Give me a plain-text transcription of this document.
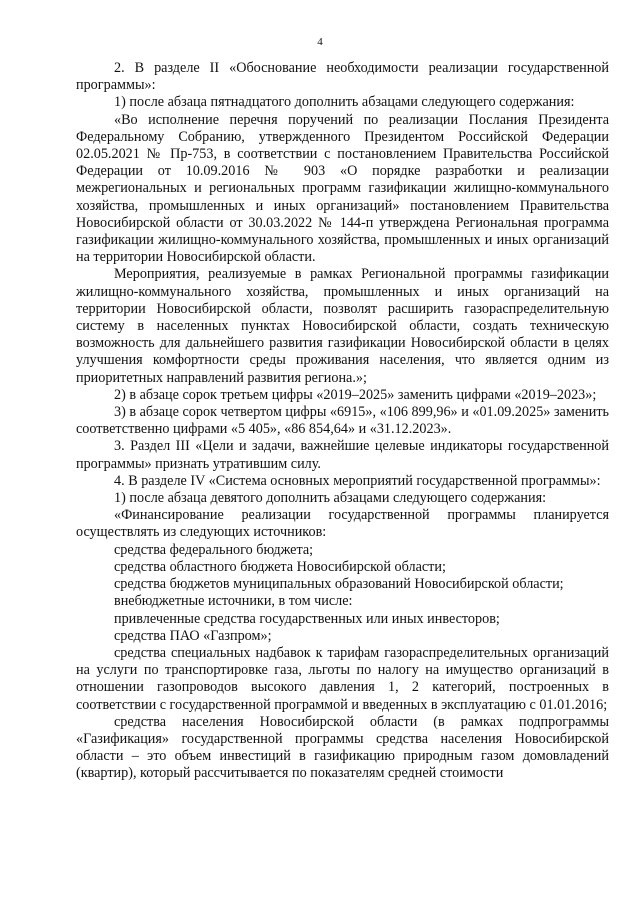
4

2. В разделе II «Обоснование необходимости реализации государственной программы»:

1) после абзаца пятнадцатого дополнить абзацами следующего содержания:

«Во исполнение перечня поручений по реализации Послания Президента Федеральному Собранию, утвержденного Президентом Российской Федерации 02.05.2021 № Пр-753, в соответствии с постановлением Правительства Российской Федерации от 10.09.2016 № 903 «О порядке разработки и реализации межрегиональных и региональных программ газификации жилищно-коммунального хозяйства, промышленных и иных организаций» постановлением Правительства Новосибирской области от 30.03.2022 № 144-п утверждена Региональная программа газификации жилищно-коммунального хозяйства, промышленных и иных организаций на территории Новосибирской области.

Мероприятия, реализуемые в рамках Региональной программы газификации жилищно-коммунального хозяйства, промышленных и иных организаций на территории Новосибирской области, позволят расширить газораспределительную систему в населенных пунктах Новосибирской области, создать техническую возможность для дальнейшего развития газификации Новосибирской области в целях улучшения комфортности среды проживания населения, что является одним из приоритетных направлений развития региона.»;

2) в абзаце сорок третьем цифры «2019–2025» заменить цифрами «2019–2023»;

3) в абзаце сорок четвертом цифры «6915», «106 899,96» и «01.09.2025» заменить соответственно цифрами «5 405», «86 854,64» и «31.12.2023».

3. Раздел III «Цели и задачи, важнейшие целевые индикаторы государственной программы» признать утратившим силу.

4. В разделе IV «Система основных мероприятий государственной программы»:

1) после абзаца девятого дополнить абзацами следующего содержания:

«Финансирование реализации государственной программы планируется осуществлять из следующих источников:

средства федерального бюджета;

средства областного бюджета Новосибирской области;

средства бюджетов муниципальных образований Новосибирской области;

внебюджетные источники, в том числе:

привлеченные средства государственных или иных инвесторов;

средства ПАО «Газпром»;

средства специальных надбавок к тарифам газораспределительных организаций на услуги по транспортировке газа, льготы по налогу на имущество организаций в отношении газопроводов высокого давления 1, 2 категорий, построенных в соответствии с государственной программой и введенных в эксплуатацию с 01.01.2016;

средства населения Новосибирской области (в рамках подпрограммы «Газификация» государственной программы средства населения Новосибирской области – это объем инвестиций в газификацию природным газом домовладений (квартир), который рассчитывается по показателям средней стоимости
